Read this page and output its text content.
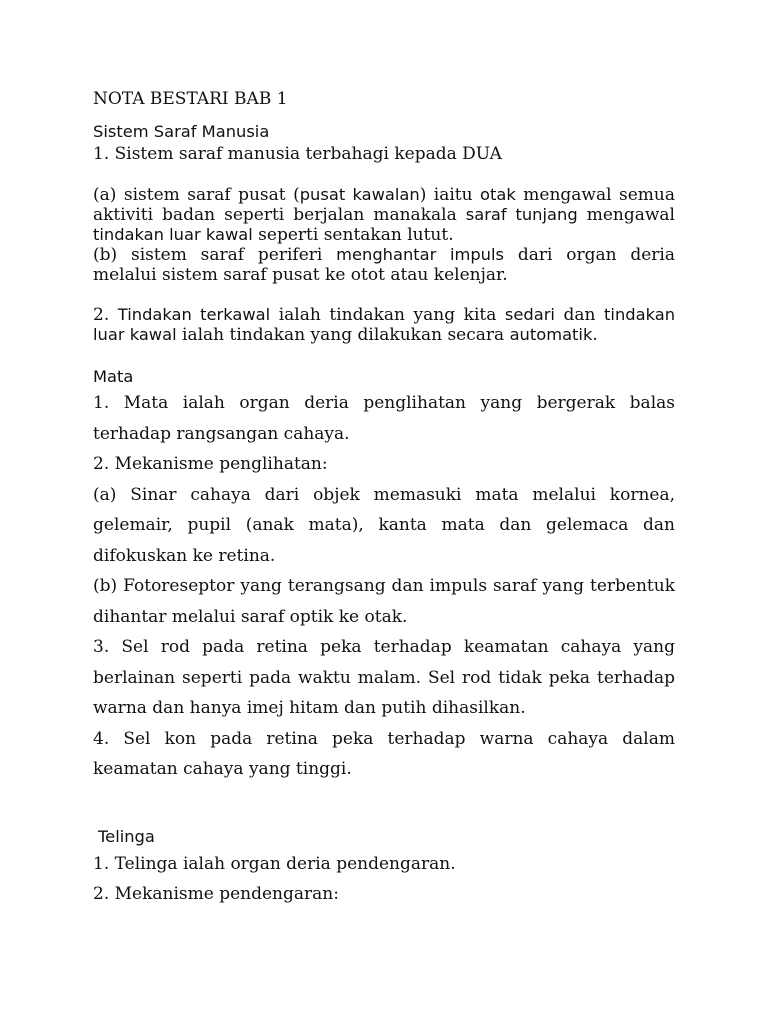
NOTA BESTARI BAB 1

Sistem Saraf Manusia

1. Sistem saraf manusia terbahagi kepada DUA

(a) sistem saraf pusat (pusat kawalan) iaitu otak mengawal semua aktiviti badan seperti berjalan manakala saraf tunjang mengawal tindakan luar kawal seperti sentakan lutut.

(b) sistem saraf periferi menghantar impuls dari organ deria melalui sistem saraf pusat ke otot atau kelenjar.

2. Tindakan terkawal ialah tindakan yang kita sedari dan tindakan luar kawal ialah tindakan yang dilakukan secara automatik.

Mata

1. Mata ialah organ deria penglihatan yang bergerak balas terhadap rangsangan cahaya.

2. Mekanisme penglihatan:

(a) Sinar cahaya dari objek memasuki mata melalui kornea, gelemair, pupil (anak mata), kanta mata dan gelemaca dan difokuskan ke retina.

(b) Fotoreseptor yang terangsang dan impuls saraf yang terbentuk dihantar melalui saraf optik ke otak.

3. Sel rod pada retina peka terhadap keamatan cahaya yang berlainan seperti pada waktu malam. Sel rod tidak peka terhadap warna dan hanya imej hitam dan putih dihasilkan.

4. Sel kon pada retina peka terhadap warna cahaya dalam keamatan cahaya yang tinggi.

Telinga

1. Telinga ialah organ deria pendengaran.

2. Mekanisme pendengaran:
